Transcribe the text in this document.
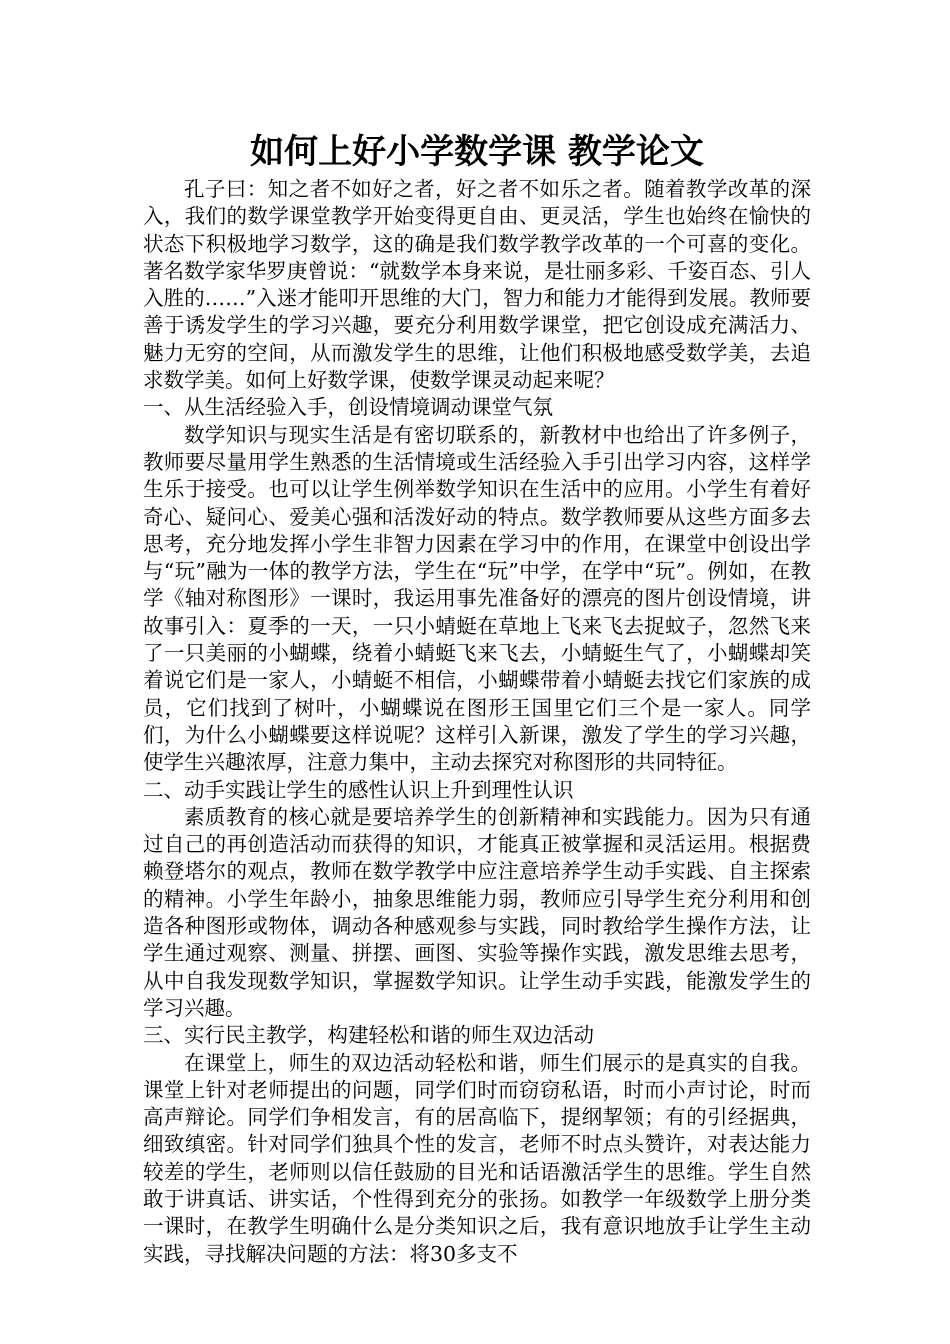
如何上好小学数学课 教学论文

孔子曰：知之者不如好之者，好之者不如乐之者。随着教学改革的深入，我们的数学课堂教学开始变得更自由、更灵活，学生也始终在愉快的状态下积极地学习数学，这的确是我们数学教学改革的一个可喜的变化。著名数学家华罗庚曾说：“就数学本身来说，是壮丽多彩、千姿百态、引人入胜的……”入迷才能叩开思维的大门，智力和能力才能得到发展。教师要善于诱发学生的学习兴趣，要充分利用数学课堂，把它创设成充满活力、魅力无穷的空间，从而激发学生的思维，让他们积极地感受数学美，去追求数学美。如何上好数学课，使数学课灵动起来呢？

一、从生活经验入手，创设情境调动课堂气氛

数学知识与现实生活是有密切联系的，新教材中也给出了许多例子，教师要尽量用学生熟悉的生活情境或生活经验入手引出学习内容，这样学生乐于接受。也可以让学生例举数学知识在生活中的应用。小学生有着好奇心、疑问心、爱美心强和活泼好动的特点。数学教师要从这些方面多去思考，充分地发挥小学生非智力因素在学习中的作用，在课堂中创设出学与“玩”融为一体的教学方法，学生在“玩”中学，在学中“玩”。例如，在教学《轴对称图形》一课时，我运用事先准备好的漂亮的图片创设情境，讲故事引入：夏季的一天，一只小蜻蜓在草地上飞来飞去捉蚊子，忽然飞来了一只美丽的小蝴蝶，绕着小蜻蜓飞来飞去，小蜻蜓生气了，小蝴蝶却笑着说它们是一家人，小蜻蜓不相信，小蝴蝶带着小蜻蜓去找它们家族的成员，它们找到了树叶，小蝴蝶说在图形王国里它们三个是一家人。同学们，为什么小蝴蝶要这样说呢？这样引入新课，激发了学生的学习兴趣，使学生兴趣浓厚，注意力集中，主动去探究对称图形的共同特征。

二、动手实践让学生的感性认识上升到理性认识

素质教育的核心就是要培养学生的创新精神和实践能力。因为只有通过自己的再创造活动而获得的知识，才能真正被掌握和灵活运用。根据费赖登塔尔的观点，教师在数学教学中应注意培养学生动手实践、自主探索的精神。小学生年龄小，抽象思维能力弱，教师应引导学生充分利用和创造各种图形或物体，调动各种感观参与实践，同时教给学生操作方法，让学生通过观察、测量、拼摆、画图、实验等操作实践，激发思维去思考，从中自我发现数学知识，掌握数学知识。让学生动手实践，能激发学生的学习兴趣。

三、实行民主教学，构建轻松和谐的师生双边活动

在课堂上，师生的双边活动轻松和谐，师生们展示的是真实的自我。课堂上针对老师提出的问题，同学们时而窃窃私语，时而小声讨论，时而高声辩论。同学们争相发言，有的居高临下，提纲挈领；有的引经据典，细致缜密。针对同学们独具个性的发言，老师不时点头赞许，对表达能力较差的学生，老师则以信任鼓励的目光和话语激活学生的思维。学生自然敢于讲真话、讲实话，个性得到充分的张扬。如教学一年级数学上册分类一课时，在教学生明确什么是分类知识之后，我有意识地放手让学生主动实践，寻找解决问题的方法：将30多支不
